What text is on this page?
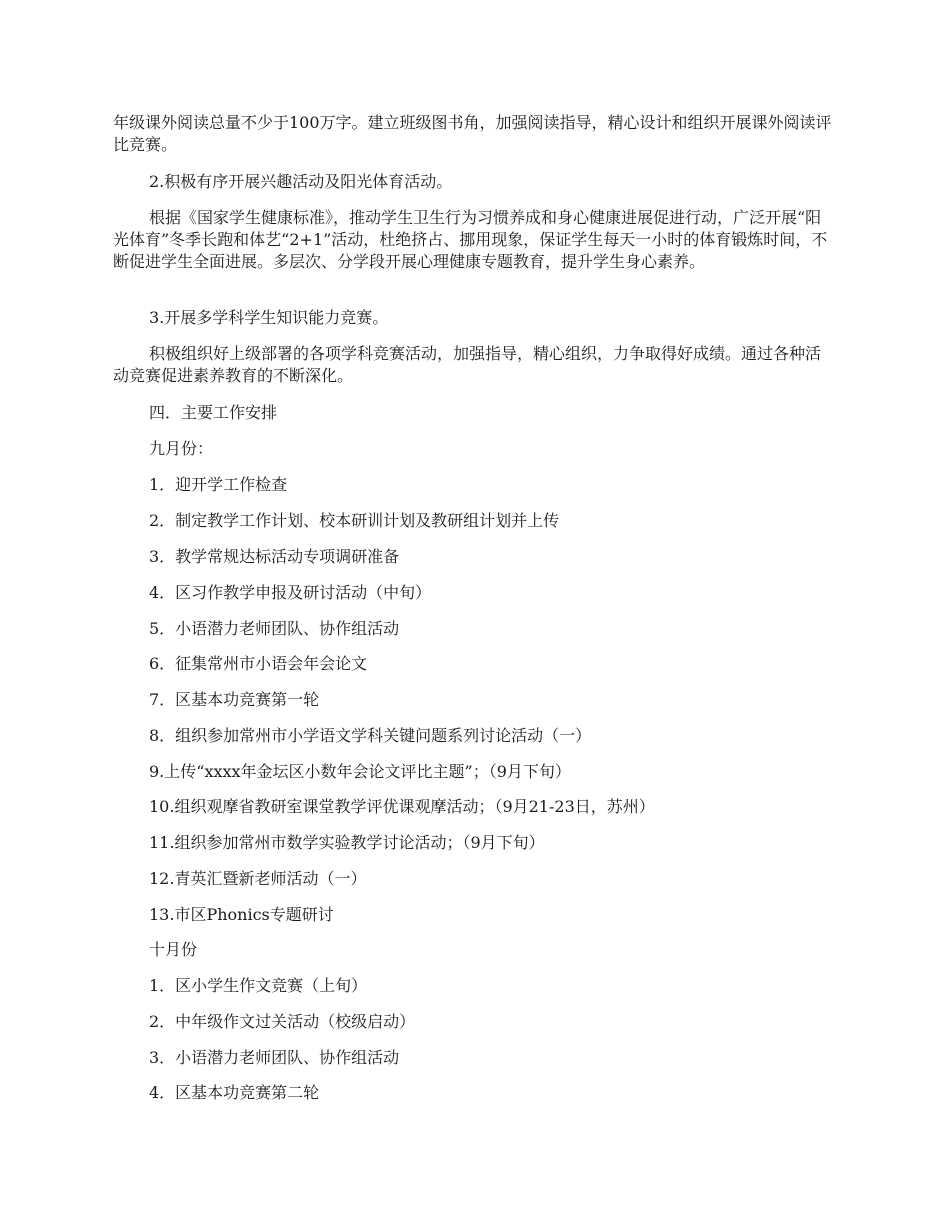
年级课外阅读总量不少于100万字。建立班级图书角，加强阅读指导，精心设计和组织开展课外阅读评比竞赛。

2.积极有序开展兴趣活动及阳光体育活动。

根据《国家学生健康标准》，推动学生卫生行为习惯养成和身心健康进展促进行动，广泛开展“阳光体育”冬季长跑和体艺“2+1”活动，杜绝挤占、挪用现象，保证学生每天一小时的体育锻炼时间，不断促进学生全面进展。多层次、分学段开展心理健康专题教育，提升学生身心素养。

3.开展多学科学生知识能力竞赛。

积极组织好上级部署的各项学科竞赛活动，加强指导，精心组织，力争取得好成绩。通过各种活动竞赛促进素养教育的不断深化。

四．主要工作安排

九月份：

1．迎开学工作检查

2．制定教学工作计划、校本研训计划及教研组计划并上传

3．教学常规达标活动专项调研准备

4．区习作教学申报及研讨活动（中旬）

5．小语潜力老师团队、协作组活动

6．征集常州市小语会年会论文

7．区基本功竞赛第一轮

8．组织参加常州市小学语文学科关键问题系列讨论活动（一）

9.上传“xxxx年金坛区小数年会论文评比主题”；（9月下旬）

10.组织观摩省教研室课堂教学评优课观摩活动；（9月21-23日，苏州）

11.组织参加常州市数学实验教学讨论活动；（9月下旬）

12.青英汇暨新老师活动（一）

13.市区Phonics专题研讨

十月份

1．区小学生作文竞赛（上旬）

2．中年级作文过关活动（校级启动）

3．小语潜力老师团队、协作组活动

4．区基本功竞赛第二轮
